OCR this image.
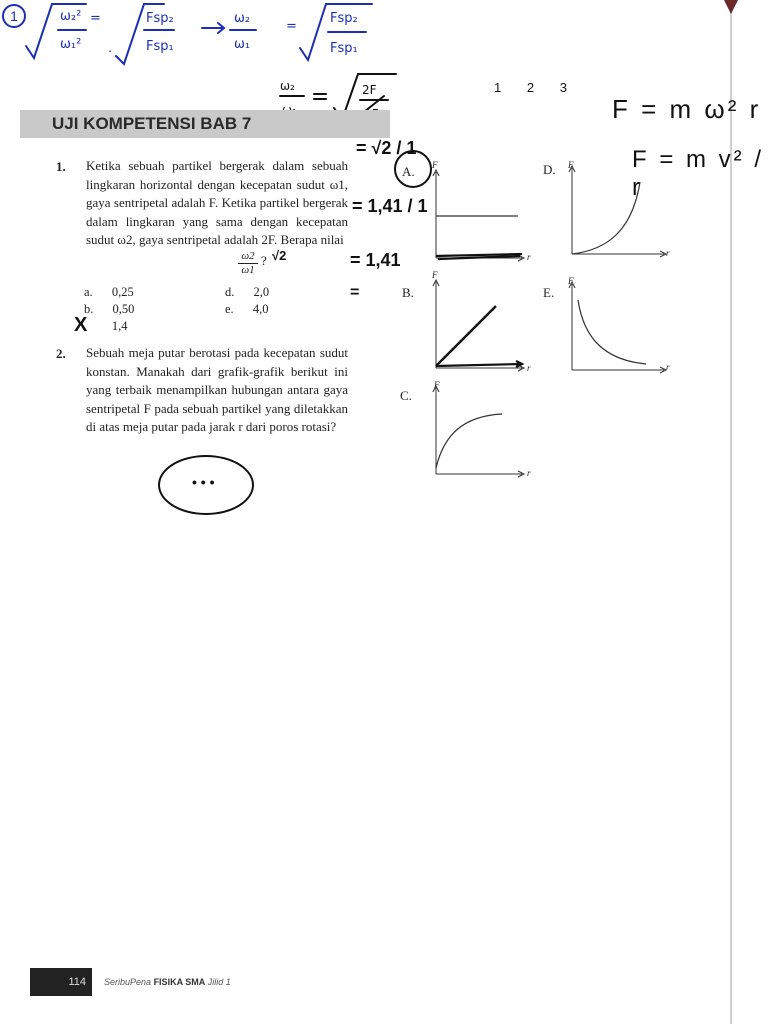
1	ω₂²
ω₁²
=
.
Fsp₂
Fsp₁
ω₂
ω₁
=
Fsp₂
Fsp₁
ω₂	2F	1 2 3
F = m ω² r
F = m v² / r
UJI KOMPETENSI BAB 7
1. Ketika sebuah partikel bergerak dalam sebuah lingkaran horizontal dengan kecepatan sudut ω1, gaya sentripetal adalah F. Ketika partikel bergerak dalam lingkaran yang sama dengan kecepatan sudut ω2, gaya sentripetal adalah 2F. Berapa nilai
$\frac{\omega 2}{\omega 1}$ ? √2
a. 0,25
b. 0,50
1,4
X
d. 2,0
e. 4,0
2. Sebuah meja putar berotasi pada kecepatan sudut konstan. Manakah dari grafik-grafik berikut ini yang terbaik menampilkan hubungan antara gaya sentripetal F pada sebuah partikel yang diletakkan di atas meja putar pada jarak r dari poros rotasi?
= √2 / 1
= 1,41 / 1
= 1,41
=
A. F
r
B.
F
r
C.
F
r
D. F
r
E.
F
r
• • •
114	SeribuPena FISIKA SMA Jilid 1
